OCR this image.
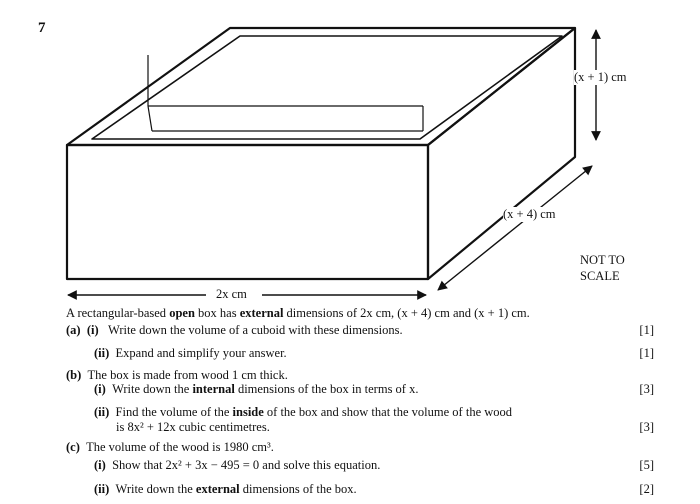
7
(x + 1) cm
(x + 4) cm
2x cm
NOT TO
SCALE
A rectangular-based open box has external dimensions of 2x cm, (x + 4) cm and (x + 1) cm.
(a) (i) Write down the volume of a cuboid with these dimensions.	[1]
(ii) Expand and simplify your answer.	[1]
(b) The box is made from wood 1 cm thick.
(i) Write down the internal dimensions of the box in terms of x.	[3]
(ii) Find the volume of the inside of the box and show that the volume of the wood
is 8x² + 12x cubic centimetres.	[3]
(c) The volume of the wood is 1980 cm³.
(i) Show that 2x² + 3x − 495 = 0 and solve this equation.	[5]
(ii) Write down the external dimensions of the box.	[2]
